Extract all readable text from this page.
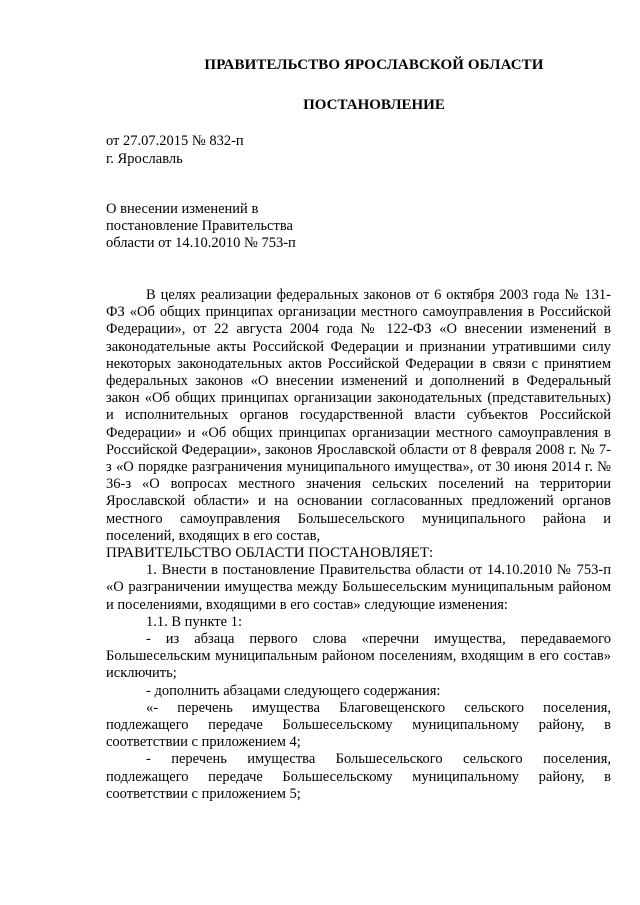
ПРАВИТЕЛЬСТВО ЯРОСЛАВСКОЙ ОБЛАСТИ
ПОСТАНОВЛЕНИЕ
от 27.07.2015 № 832-п
г. Ярославль
О внесении изменений в
постановление Правительства
области от 14.10.2010 № 753-п

В целях реализации федеральных законов от 6 октября 2003 года № 131-ФЗ «Об общих принципах организации местного самоуправления в Российской Федерации», от 22 августа 2004 года № 122-ФЗ «О внесении изменений в законодательные акты Российской Федерации и признании утратившими силу некоторых законодательных актов Российской Федерации в связи с принятием федеральных законов «О внесении изменений и дополнений в Федеральный закон «Об общих принципах организации законодательных (представительных) и исполнительных органов государственной власти субъектов Российской Федерации» и «Об общих принципах организации местного самоуправления в Российской Федерации», законов Ярославской области от 8 февраля 2008 г. № 7-з «О порядке разграничения муниципального имущества», от 30 июня 2014 г. № 36-з «О вопросах местного значения сельских поселений на территории Ярославской области» и на основании согласованных предложений органов местного самоуправления Большесельского муниципального района и поселений, входящих в его состав,

ПРАВИТЕЛЬСТВО ОБЛАСТИ ПОСТАНОВЛЯЕТ:

1. Внести в постановление Правительства области от 14.10.2010 № 753-п «О разграничении имущества между Большесельским муниципальным районом и поселениями, входящими в его состав» следующие изменения:

1.1. В пункте 1:

- из абзаца первого слова «перечни имущества, передаваемого Большесельским муниципальным районом поселениям, входящим в его состав» исключить;

- дополнить абзацами следующего содержания:

«- перечень имущества Благовещенского сельского поселения, подлежащего передаче Большесельскому муниципальному району, в соответствии с приложением 4;

- перечень имущества Большесельского сельского поселения, подлежащего передаче Большесельскому муниципальному району, в соответствии с приложением 5;
